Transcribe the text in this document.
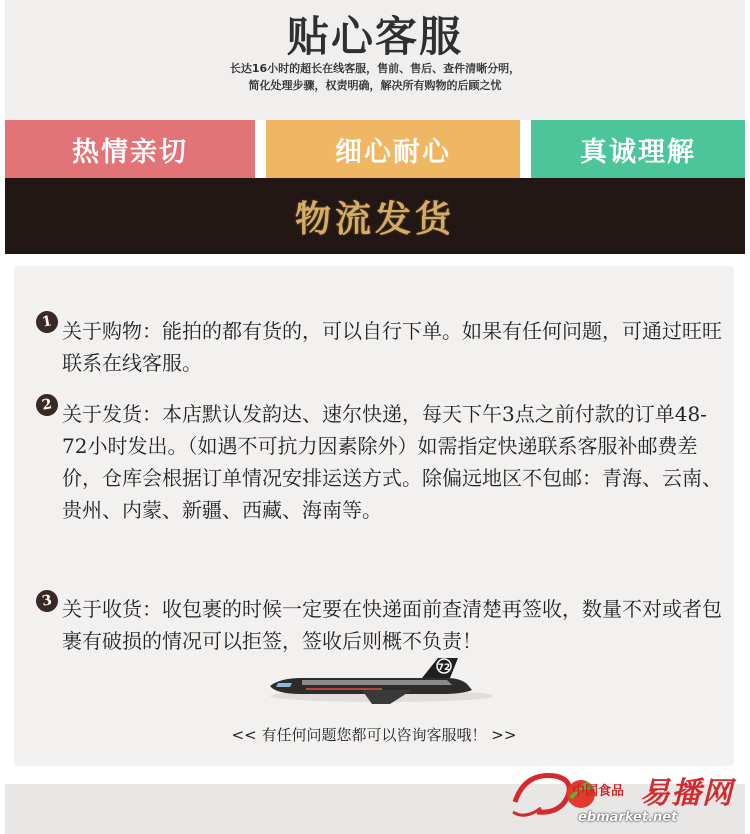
贴心客服
长达16小时的超长在线客服，售前、售后、查件清晰分明，
简化处理步骤，权责明确，解决所有购物的后顾之忧
热情亲切	细心耐心	真诚理解
物流发货
1 关于购物：能拍的都有货的，可以自行下单。如果有任何问题，可通过旺旺联系在线客服。
2 关于发货：本店默认发韵达、速尔快递，每天下午3点之前付款的订单48-72小时发出。（如遇不可抗力因素除外）如需指定快递联系客服补邮费差价，仓库会根据订单情况安排运送方式。除偏远地区不包邮：青海、云南、贵州、内蒙、新疆、西藏、海南等。
3 关于收货：收包裹的时候一定要在快递面前查清楚再签收，数量不对或者包裹有破损的情况可以拒签，签收后则概不负责！
72
<< 有任何问题您都可以咨询客服哦！ >>
中国食品 易播网
ebmarket.net
